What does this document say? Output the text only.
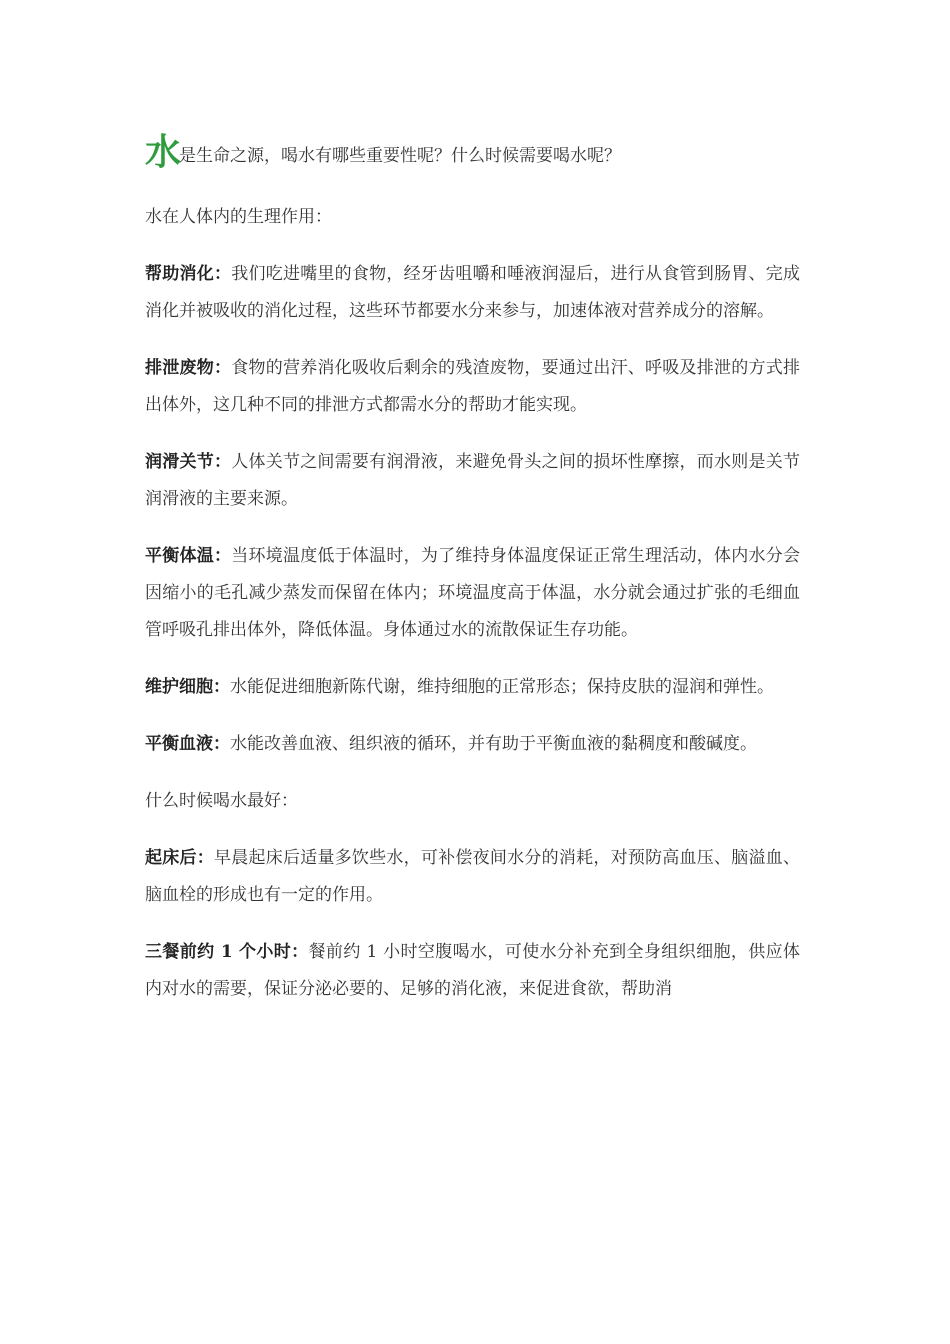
水是生命之源，喝水有哪些重要性呢？什么时候需要喝水呢？

水在人体内的生理作用：

帮助消化：我们吃进嘴里的食物，经牙齿咀嚼和唾液润湿后，进行从食管到肠胃、完成消化并被吸收的消化过程，这些环节都要水分来参与，加速体液对营养成分的溶解。

排泄废物：食物的营养消化吸收后剩余的残渣废物，要通过出汗、呼吸及排泄的方式排出体外，这几种不同的排泄方式都需水分的帮助才能实现。

润滑关节：人体关节之间需要有润滑液，来避免骨头之间的损坏性摩擦，而水则是关节润滑液的主要来源。

平衡体温：当环境温度低于体温时，为了维持身体温度保证正常生理活动，体内水分会因缩小的毛孔减少蒸发而保留在体内；环境温度高于体温，水分就会通过扩张的毛细血管呼吸孔排出体外，降低体温。身体通过水的流散保证生存功能。

维护细胞：水能促进细胞新陈代谢，维持细胞的正常形态；保持皮肤的湿润和弹性。

平衡血液：水能改善血液、组织液的循环，并有助于平衡血液的黏稠度和酸碱度。

什么时候喝水最好：

起床后：早晨起床后适量多饮些水，可补偿夜间水分的消耗，对预防高血压、脑溢血、脑血栓的形成也有一定的作用。

三餐前约 1 个小时：餐前约 1 小时空腹喝水，可使水分补充到全身组织细胞，供应体内对水的需要，保证分泌必要的、足够的消化液，来促进食欲，帮助消
